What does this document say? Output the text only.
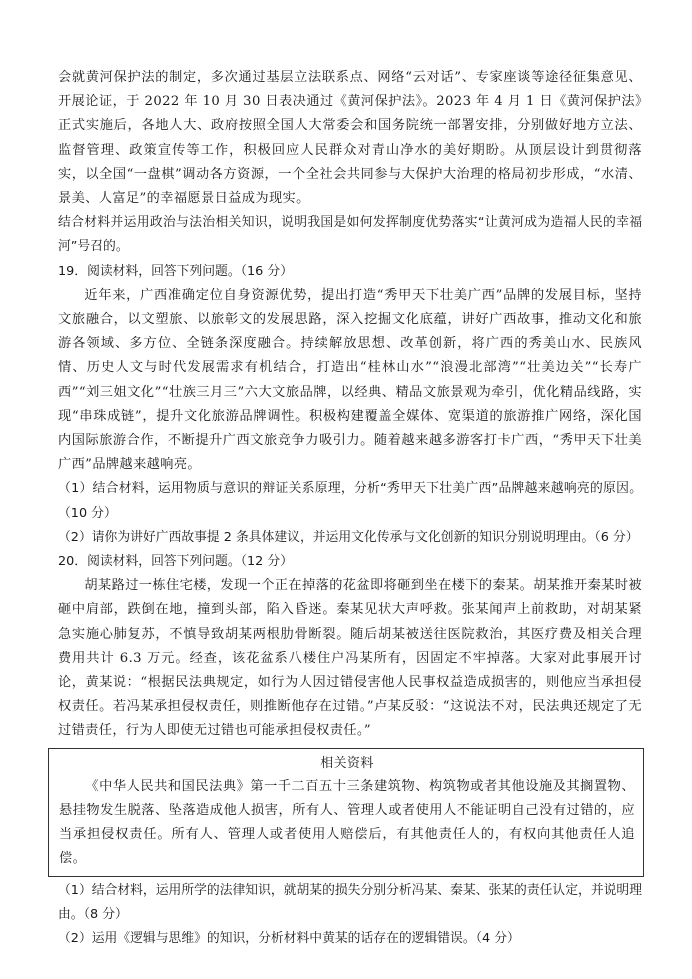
会就黄河保护法的制定，多次通过基层立法联系点、网络“云对话”、专家座谈等途径征集意见、开展论证，于 2022 年 10 月 30 日表决通过《黄河保护法》。2023 年 4 月 1 日《黄河保护法》正式实施后，各地人大、政府按照全国人大常委会和国务院统一部署安排，分别做好地方立法、监督管理、政策宣传等工作，积极回应人民群众对青山净水的美好期盼。从顶层设计到贯彻落实，以全国“一盘棋”调动各方资源，一个全社会共同参与大保护大治理的格局初步形成，“水清、景美、人富足”的幸福愿景日益成为现实。

结合材料并运用政治与法治相关知识，说明我国是如何发挥制度优势落实“让黄河成为造福人民的幸福河”号召的。

19．阅读材料，回答下列问题。（16 分）

近年来，广西准确定位自身资源优势，提出打造“秀甲天下壮美广西”品牌的发展目标，坚持文旅融合，以文塑旅、以旅彰文的发展思路，深入挖掘文化底蕴，讲好广西故事，推动文化和旅游各领域、多方位、全链条深度融合。持续解放思想、改革创新，将广西的秀美山水、民族风情、历史人文与时代发展需求有机结合，打造出“桂林山水”“浪漫北部湾”“壮美边关”“长寿广西”“刘三姐文化”“壮族三月三”六大文旅品牌，以经典、精品文旅景观为牵引，优化精品线路，实现“串珠成链”，提升文化旅游品牌调性。积极构建覆盖全媒体、宽渠道的旅游推广网络，深化国内国际旅游合作，不断提升广西文旅竞争力吸引力。随着越来越多游客打卡广西，“秀甲天下壮美广西”品牌越来越响亮。

（1）结合材料，运用物质与意识的辩证关系原理，分析“秀甲天下壮美广西”品牌越来越响亮的原因。（10 分）

（2）请你为讲好广西故事提 2 条具体建议，并运用文化传承与文化创新的知识分别说明理由。（6 分）

20．阅读材料，回答下列问题。（12 分）

胡某路过一栋住宅楼，发现一个正在掉落的花盆即将砸到坐在楼下的秦某。胡某推开秦某时被砸中肩部，跌倒在地，撞到头部，陷入昏迷。秦某见状大声呼救。张某闻声上前救助，对胡某紧急实施心肺复苏，不慎导致胡某两根肋骨断裂。随后胡某被送往医院救治，其医疗费及相关合理费用共计 6.3 万元。经查，该花盆系八楼住户冯某所有，因固定不牢掉落。大家对此事展开讨论，黄某说：“根据民法典规定，如行为人因过错侵害他人民事权益造成损害的，则他应当承担侵权责任。若冯某承担侵权责任，则推断他存在过错。”卢某反驳：“这说法不对，民法典还规定了无过错责任，行为人即使无过错也可能承担侵权责任。”

相关资料

《中华人民共和国民法典》第一千二百五十三条建筑物、构筑物或者其他设施及其搁置物、悬挂物发生脱落、坠落造成他人损害，所有人、管理人或者使用人不能证明自己没有过错的，应当承担侵权责任。所有人、管理人或者使用人赔偿后，有其他责任人的，有权向其他责任人追偿。

（1）结合材料，运用所学的法律知识，就胡某的损失分别分析冯某、秦某、张某的责任认定，并说明理由。（8 分）

（2）运用《逻辑与思维》的知识，分析材料中黄某的话存在的逻辑错误。（4 分）
